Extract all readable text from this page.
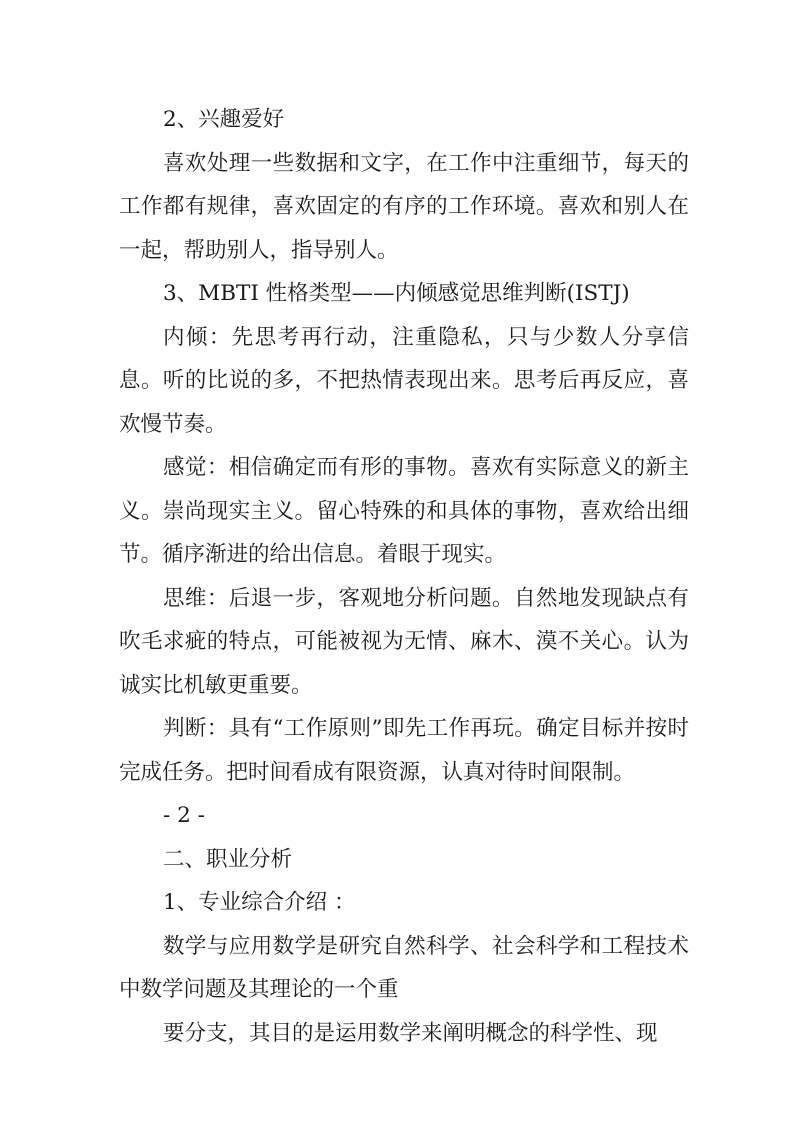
2、兴趣爱好

喜欢处理一些数据和文字，在工作中注重细节，每天的工作都有规律，喜欢固定的有序的工作环境。喜欢和别人在一起，帮助别人，指导别人。

3、MBTI 性格类型——内倾感觉思维判断(ISTJ)

内倾：先思考再行动，注重隐私，只与少数人分享信息。听的比说的多，不把热情表现出来。思考后再反应，喜欢慢节奏。

感觉：相信确定而有形的事物。喜欢有实际意义的新主义。崇尚现实主义。留心特殊的和具体的事物，喜欢给出细节。循序渐进的给出信息。着眼于现实。

思维：后退一步，客观地分析问题。自然地发现缺点有吹毛求疵的特点，可能被视为无情、麻木、漠不关心。认为诚实比机敏更重要。

判断：具有“工作原则”即先工作再玩。确定目标并按时完成任务。把时间看成有限资源，认真对待时间限制。

- 2 -

二、职业分析

1、专业综合介绍 ：

数学与应用数学是研究自然科学、社会科学和工程技术中数学问题及其理论的一个重

要分支，其目的是运用数学来阐明概念的科学性、现
